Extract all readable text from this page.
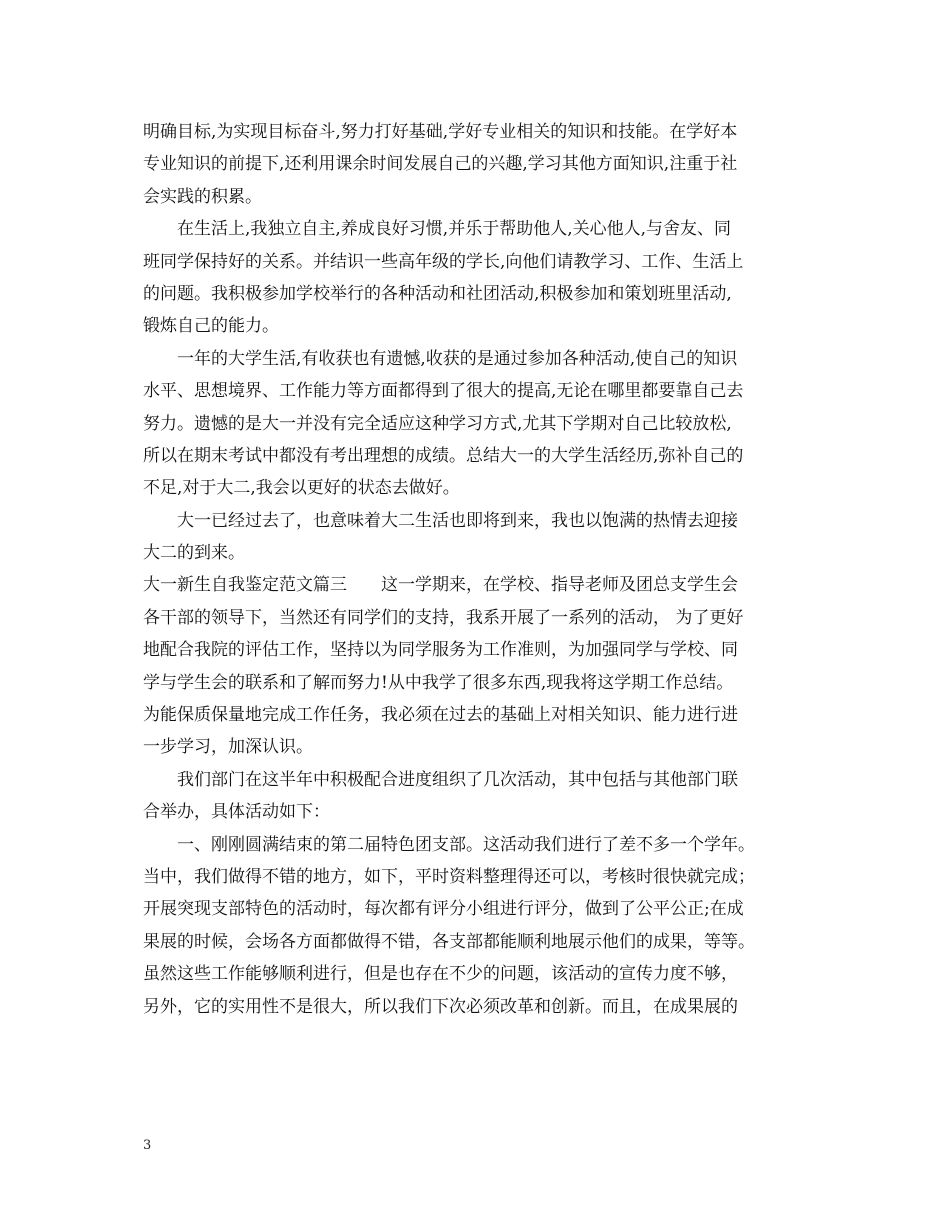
明确目标,为实现目标奋斗,努力打好基础,学好专业相关的知识和技能。在学好本
专业知识的前提下,还利用课余时间发展自己的兴趣,学习其他方面知识,注重于社
会实践的积累。
　　在生活上,我独立自主,养成良好习惯,并乐于帮助他人,关心他人,与舍友、同
班同学保持好的关系。并结识一些高年级的学长,向他们请教学习、工作、生活上
的问题。我积极参加学校举行的各种活动和社团活动,积极参加和策划班里活动,
锻炼自己的能力。
　　一年的大学生活,有收获也有遗憾,收获的是通过参加各种活动,使自己的知识
水平、思想境界、工作能力等方面都得到了很大的提高,无论在哪里都要靠自己去
努力。遗憾的是大一并没有完全适应这种学习方式,尤其下学期对自己比较放松,
所以在期末考试中都没有考出理想的成绩。总结大一的大学生活经历,弥补自己的
不足,对于大二,我会以更好的状态去做好。
　　大一已经过去了，也意味着大二生活也即将到来，我也以饱满的热情去迎接
大二的到来。
大一新生自我鉴定范文篇三　　这一学期来，在学校、指导老师及团总支学生会
各干部的领导下，当然还有同学们的支持，我系开展了一系列的活动， 为了更好
地配合我院的评估工作，坚持以为同学服务为工作准则，为加强同学与学校、同
学与学生会的联系和了解而努力!从中我学了很多东西,现我将这学期工作总结。
为能保质保量地完成工作任务，我必须在过去的基础上对相关知识、能力进行进
一步学习，加深认识。
　　我们部门在这半年中积极配合进度组织了几次活动，其中包括与其他部门联
合举办，具体活动如下：
　　一、刚刚圆满结束的第二届特色团支部。这活动我们进行了差不多一个学年。
当中，我们做得不错的地方，如下，平时资料整理得还可以，考核时很快就完成；
开展突现支部特色的活动时，每次都有评分小组进行评分，做到了公平公正;在成
果展的时候，会场各方面都做得不错，各支部都能顺利地展示他们的成果，等等。
虽然这些工作能够顺利进行，但是也存在不少的问题，该活动的宣传力度不够，
另外，它的实用性不是很大，所以我们下次必须改革和创新。而且，在成果展的
3
